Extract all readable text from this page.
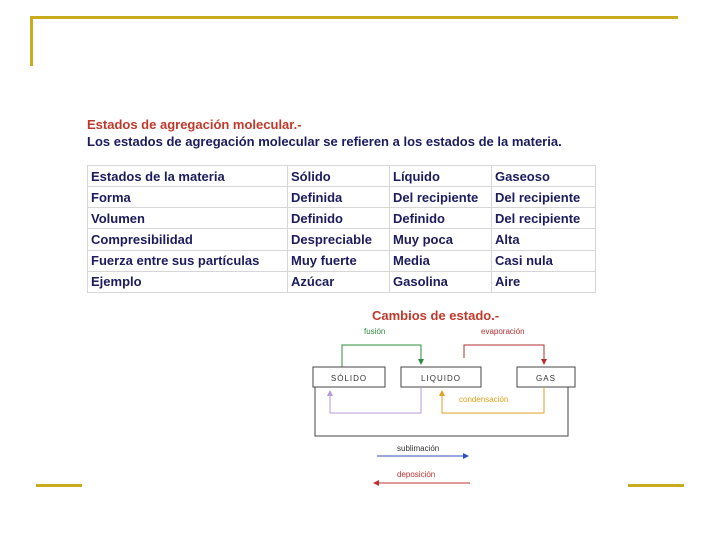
Estados de agregación molecular.-
Los estados de agregación molecular se refieren a los estados de la materia.
Estados de la materia	Sólido	Líquido	Gaseoso
Forma	Definida	Del recipiente	Del recipiente
Volumen	Definido	Definido	Del recipiente
Compresibilidad	Despreciable	Muy poca	Alta
Fuerza entre sus partículas	Muy fuerte	Media	Casi nula
Ejemplo	Azúcar	Gasolina	Aire
Cambios de estado.-
fusión	evaporación
SÓLIDO	LIQUIDO	GAS
condensación
sublimación
deposición
